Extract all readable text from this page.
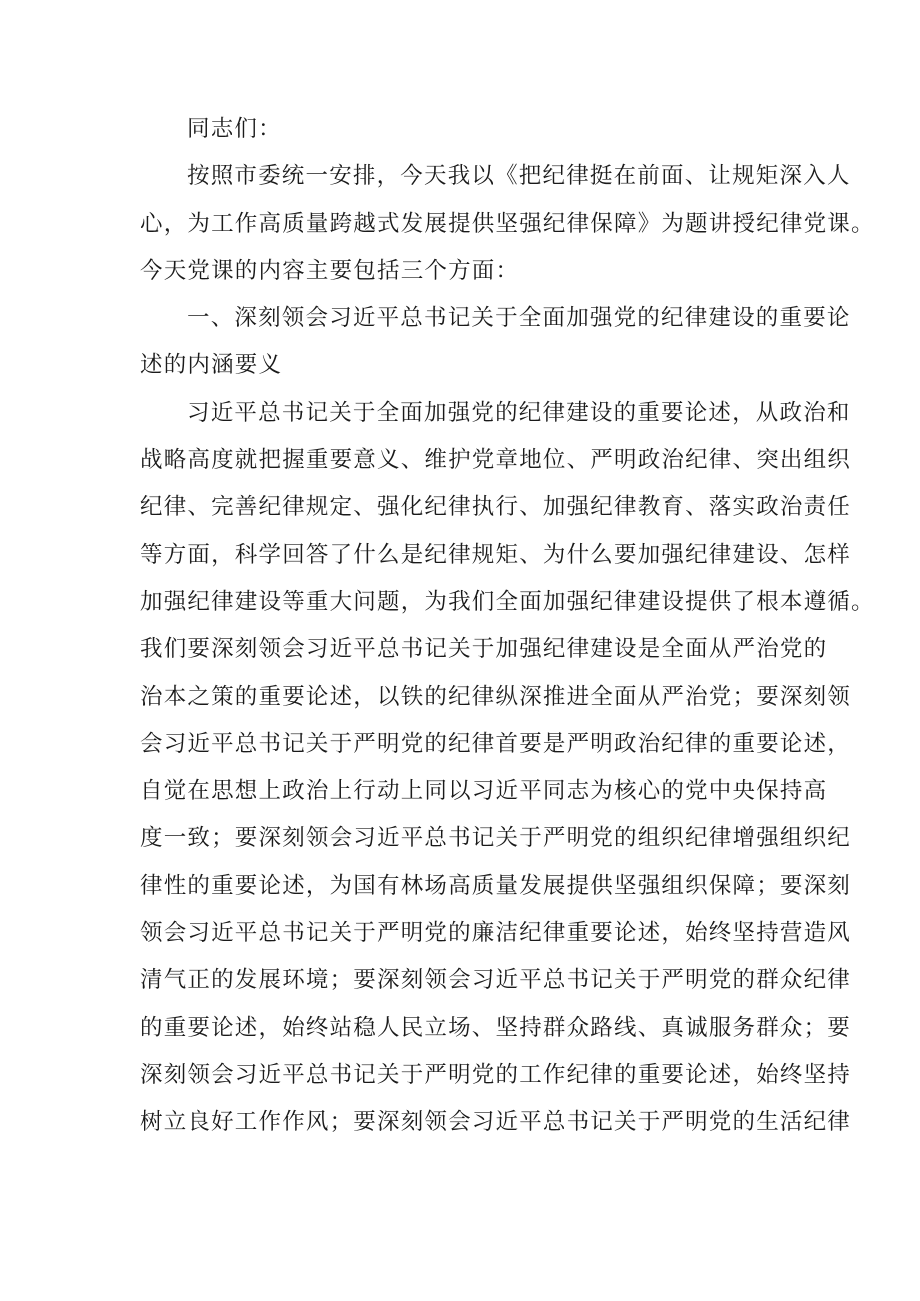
同志们：

按照市委统一安排，今天我以《把纪律挺在前面、让规矩深入人
心，为工作高质量跨越式发展提供坚强纪律保障》为题讲授纪律党课。
今天党课的内容主要包括三个方面：

一、深刻领会习近平总书记关于全面加强党的纪律建设的重要论
述的内涵要义

习近平总书记关于全面加强党的纪律建设的重要论述，从政治和
战略高度就把握重要意义、维护党章地位、严明政治纪律、突出组织
纪律、完善纪律规定、强化纪律执行、加强纪律教育、落实政治责任
等方面，科学回答了什么是纪律规矩、为什么要加强纪律建设、怎样
加强纪律建设等重大问题，为我们全面加强纪律建设提供了根本遵循。
我们要深刻领会习近平总书记关于加强纪律建设是全面从严治党的
治本之策的重要论述，以铁的纪律纵深推进全面从严治党；要深刻领
会习近平总书记关于严明党的纪律首要是严明政治纪律的重要论述，
自觉在思想上政治上行动上同以习近平同志为核心的党中央保持高
度一致；要深刻领会习近平总书记关于严明党的组织纪律增强组织纪
律性的重要论述，为国有林场高质量发展提供坚强组织保障；要深刻
领会习近平总书记关于严明党的廉洁纪律重要论述，始终坚持营造风
清气正的发展环境；要深刻领会习近平总书记关于严明党的群众纪律
的重要论述，始终站稳人民立场、坚持群众路线、真诚服务群众；要
深刻领会习近平总书记关于严明党的工作纪律的重要论述，始终坚持
树立良好工作作风；要深刻领会习近平总书记关于严明党的生活纪律
